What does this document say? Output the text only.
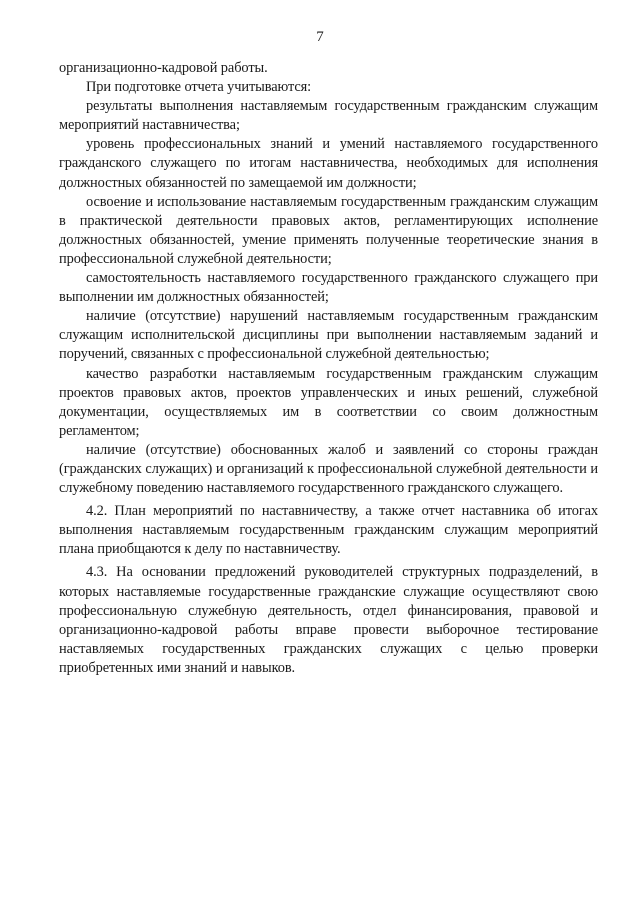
7

организационно-кадровой работы.

При подготовке отчета учитываются:

результаты выполнения наставляемым государственным гражданским служащим мероприятий наставничества;

уровень профессиональных знаний и умений наставляемого государственного гражданского служащего по итогам наставничества, необходимых для исполнения должностных обязанностей по замещаемой им должности;

освоение и использование наставляемым государственным гражданским служащим в практической деятельности правовых актов, регламентирующих исполнение должностных обязанностей, умение применять полученные теоретические знания в профессиональной служебной деятельности;

самостоятельность наставляемого государственного гражданского служащего при выполнении им должностных обязанностей;

наличие (отсутствие) нарушений наставляемым государственным гражданским служащим исполнительской дисциплины при выполнении наставляемым заданий и поручений, связанных с профессиональной служебной деятельностью;

качество разработки наставляемым государственным гражданским служащим проектов правовых актов, проектов управленческих и иных решений, служебной документации, осуществляемых им в соответствии со своим должностным регламентом;

наличие (отсутствие) обоснованных жалоб и заявлений со стороны граждан (гражданских служащих) и организаций к профессиональной служебной деятельности и служебному поведению наставляемого государственного гражданского служащего.

4.2. План мероприятий по наставничеству, а также отчет наставника об итогах выполнения наставляемым государственным гражданским служащим мероприятий плана приобщаются к делу по наставничеству.

4.3. На основании предложений руководителей структурных подразделений, в которых наставляемые государственные гражданские служащие осуществляют свою профессиональную служебную деятельность, отдел финансирования, правовой и организационно-кадровой работы вправе провести выборочное тестирование наставляемых государственных гражданских служащих с целью проверки приобретенных ими знаний и навыков.
